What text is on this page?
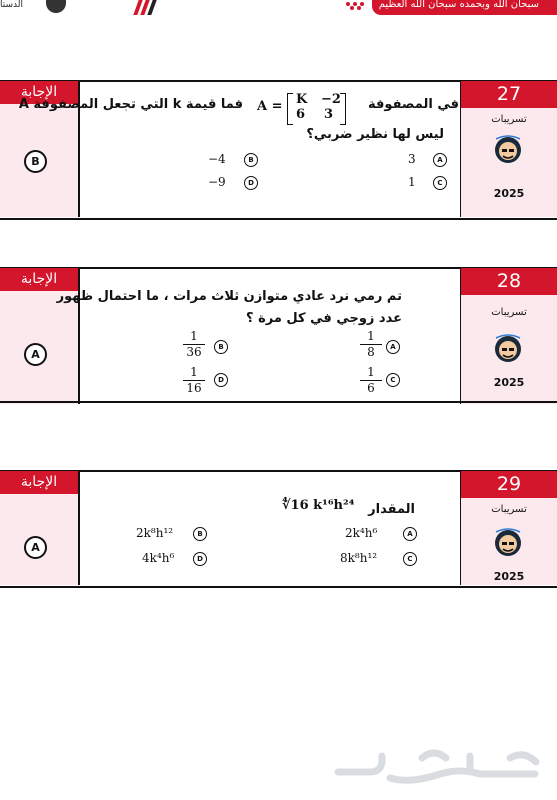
الدستا	سبحان الله وبحمده سبحان الله العظيم
الإجابة
B
27
تسريبات
2025
في المصفوفة
A = K −2
6 3
فما قيمة k التي تجعل المصفوفة A
ليس لها نظير ضربي؟
A
3
B
−4
C
1
D
−9
الإجابة
A
28
تسريبات
2025
تم رمي نرد عادي متوازن ثلاث مرات ، ما احتمال ظهور
عدد زوجي في كل مرة ؟
1
8	A
1
36	B
1
6
C
1
16
D
الإجابة
A
29
تسريبات
2025
المقدار
∜16 k¹⁶h²⁴
A
2k⁴h⁶
B
2k⁸h¹²
C
8k⁸h¹²
D
4k⁴h⁶
حراج
